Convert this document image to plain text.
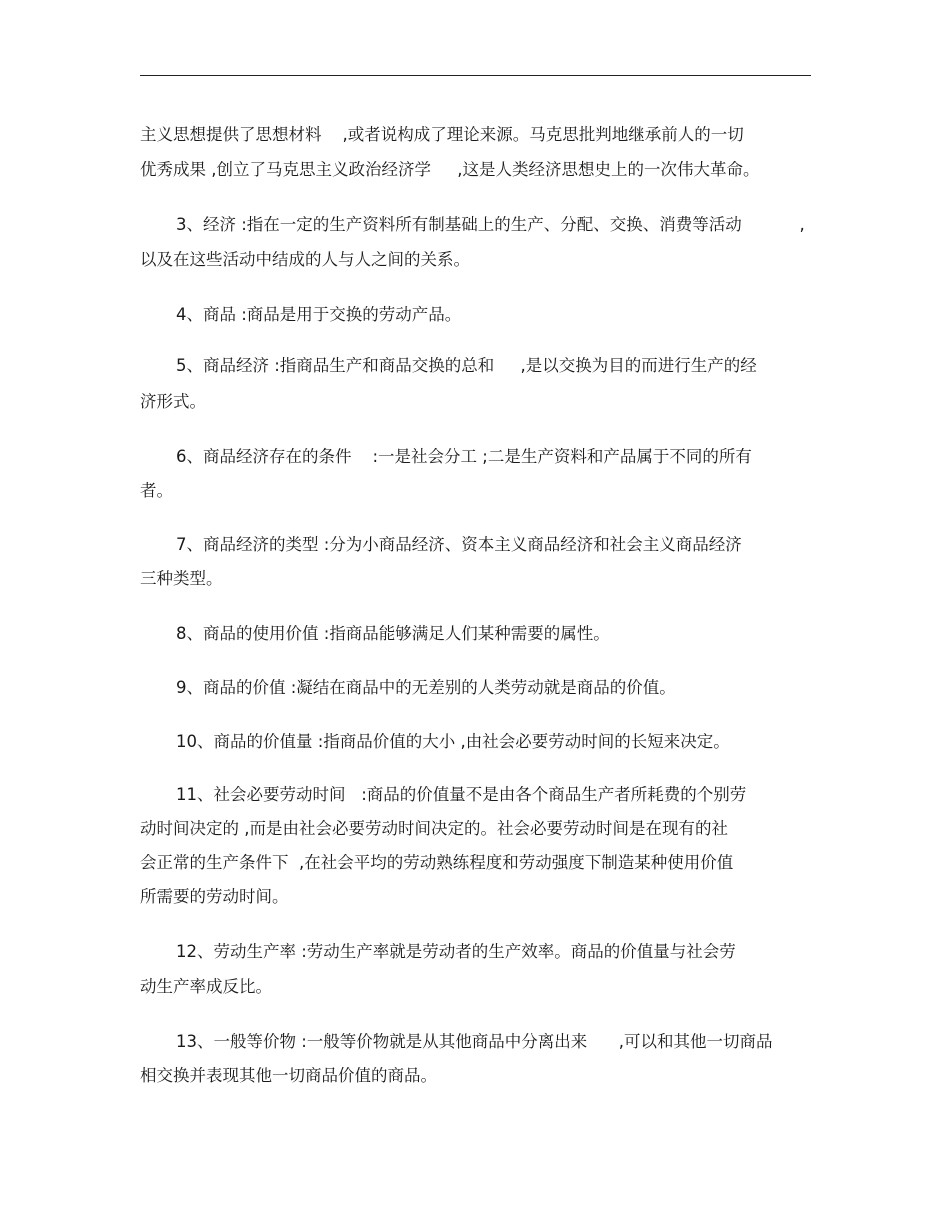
主义思想提供了思想材料    ,或者说构成了理论来源。马克思批判地继承前人的一切
优秀成果 ,创立了马克思主义政治经济学     ,这是人类经济思想史上的一次伟大革命。
3、经济 :指在一定的生产资料所有制基础上的生产、分配、交换、消费等活动           ,
以及在这些活动中结成的人与人之间的关系。
4、商品 :商品是用于交换的劳动产品。
5、商品经济 :指商品生产和商品交换的总和     ,是以交换为目的而进行生产的经
济形式。
6、商品经济存在的条件    :一是社会分工 ;二是生产资料和产品属于不同的所有
者。
7、商品经济的类型 :分为小商品经济、资本主义商品经济和社会主义商品经济
三种类型。
8、商品的使用价值 :指商品能够满足人们某种需要的属性。
9、商品的价值 :凝结在商品中的无差别的人类劳动就是商品的价值。
10、商品的价值量 :指商品价值的大小 ,由社会必要劳动时间的长短来决定。
11、社会必要劳动时间   :商品的价值量不是由各个商品生产者所耗费的个别劳
动时间决定的 ,而是由社会必要劳动时间决定的。社会必要劳动时间是在现有的社
会正常的生产条件下  ,在社会平均的劳动熟练程度和劳动强度下制造某种使用价值
所需要的劳动时间。
12、劳动生产率 :劳动生产率就是劳动者的生产效率。商品的价值量与社会劳
动生产率成反比。
13、一般等价物 :一般等价物就是从其他商品中分离出来      ,可以和其他一切商品
相交换并表现其他一切商品价值的商品。
